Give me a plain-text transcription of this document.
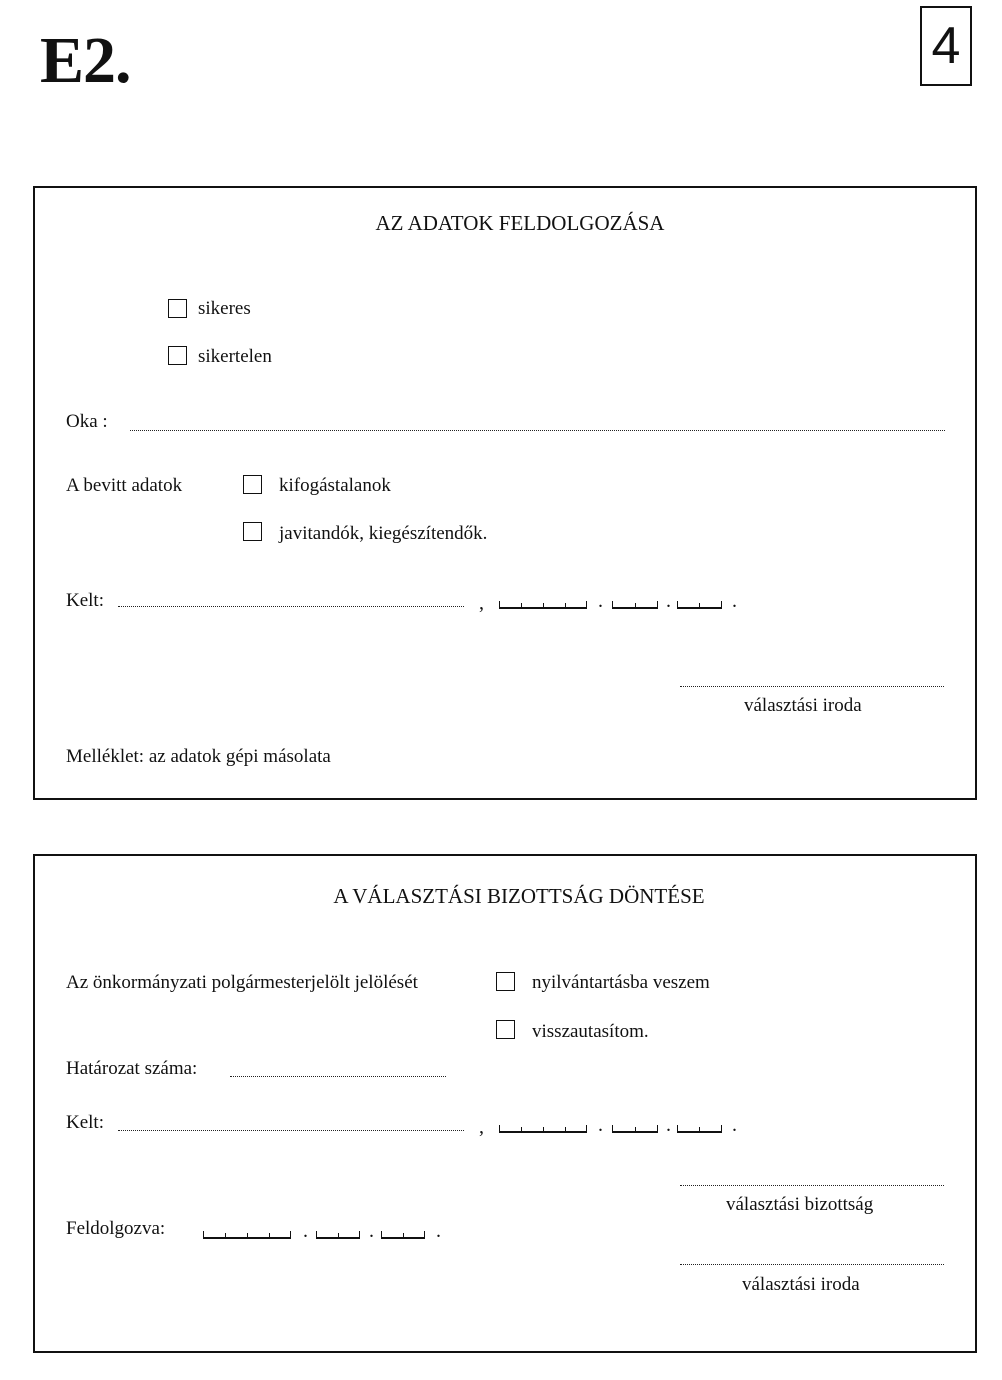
E2.	4
AZ ADATOK FELDOLGOZÁSA
sikeres
sikertelen
Oka :
A bevitt adatok	kifogástalanok
javitandók, kiegészítendők.
Kelt:	,	.	.	.
választási iroda
Melléklet: az adatok gépi másolata
A VÁLASZTÁSI BIZOTTSÁG DÖNTÉSE
Az önkormányzati polgármesterjelölt jelölését	nyilvántartásba veszem
visszautasítom.
Határozat száma:
Kelt:	,	.	.	.
választási bizottság
Feldolgozva:	.	.	.
választási iroda
